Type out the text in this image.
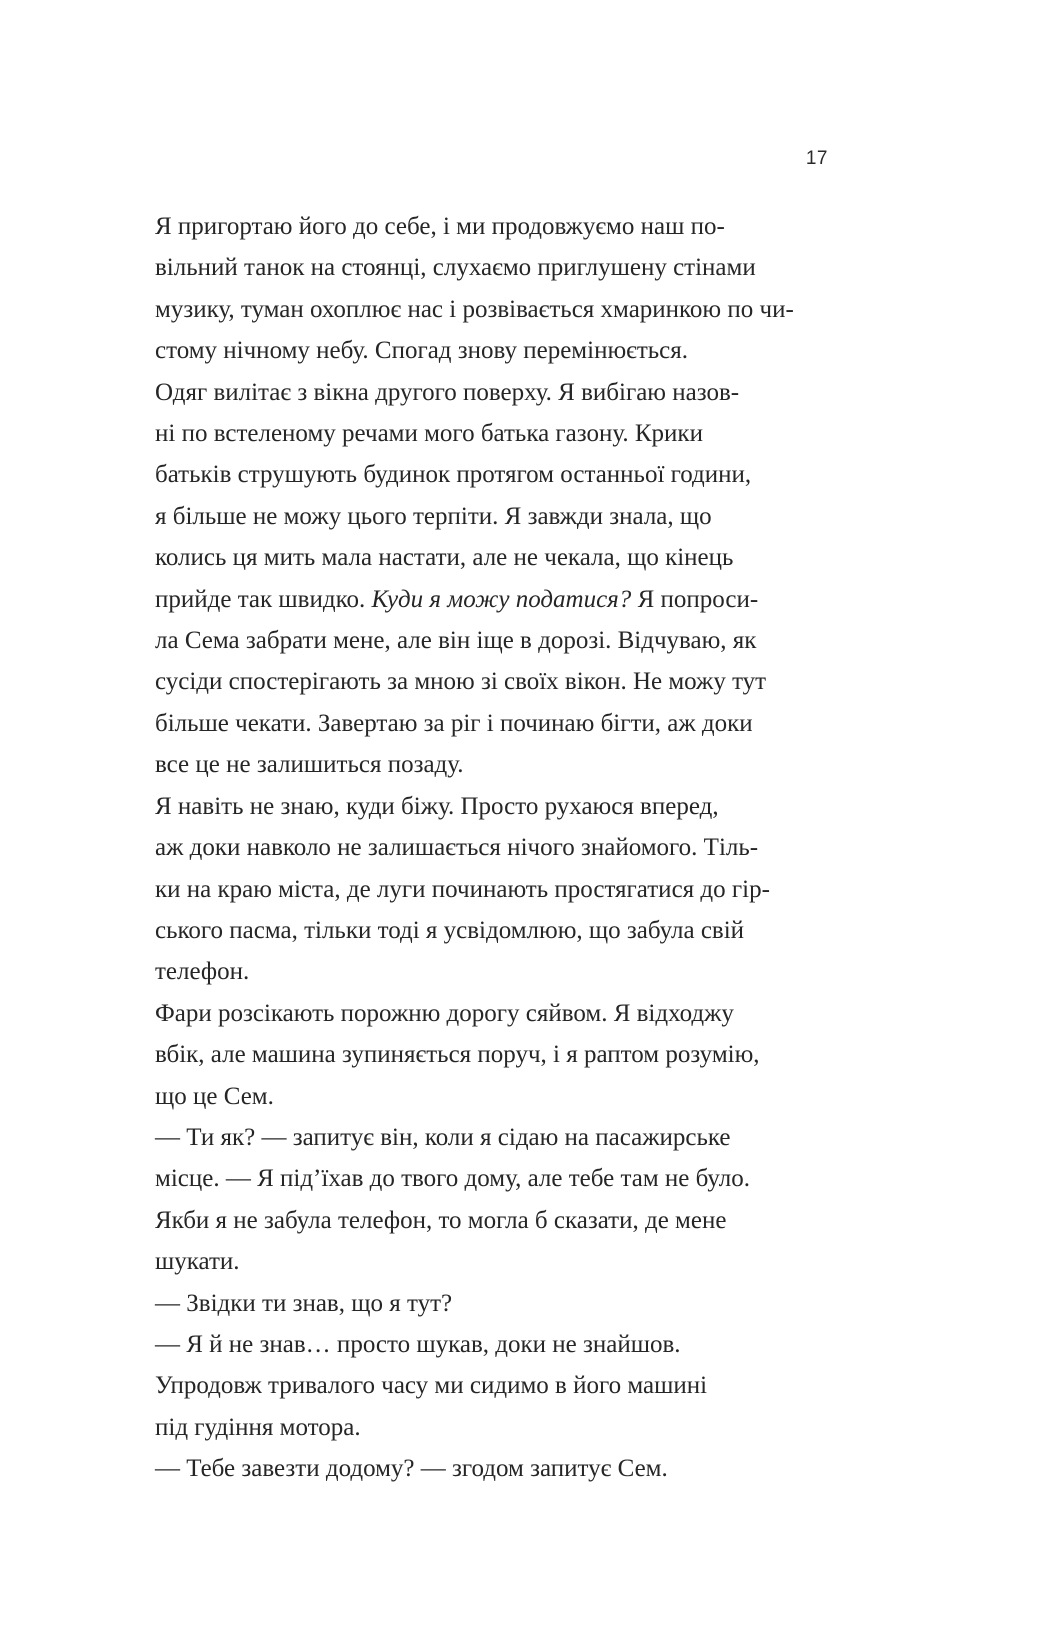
17

Я пригортаю його до себе, і ми продовжуємо наш по-
вільний танок на стоянці, слухаємо приглушену стінами
музику, туман охоплює нас і розвівається хмаринкою по чи-
стому нічному небу. Спогад знову перемінюється.

Одяг вилітає з вікна другого поверху. Я вибігаю назов-
ні по встеленому речами мого батька газону. Крики
батьків струшують будинок протягом останньої години,
я більше не можу цього терпіти. Я завжди знала, що
колись ця мить мала настати, але не чекала, що кінець
прийде так швидко. Куди я можу податися? Я попроси-
ла Сема забрати мене, але він іще в дорозі. Відчуваю, як
сусіди спостерігають за мною зі своїх вікон. Не можу тут
більше чекати. Завертаю за ріг і починаю бігти, аж доки
все це не залишиться позаду.

Я навіть не знаю, куди біжу. Просто рухаюся вперед,
аж доки навколо не залишається нічого знайомого. Тіль-
ки на краю міста, де луги починають простягатися до гір-
ського пасма, тільки тоді я усвідомлюю, що забула свій
телефон.

Фари розсікають порожню дорогу сяйвом. Я відходжу
вбік, але машина зупиняється поруч, і я раптом розумію,
що це Сем.

— Ти як? — запитує він, коли я сідаю на пасажирське
місце. — Я під’їхав до твого дому, але тебе там не було.

Якби я не забула телефон, то могла б сказати, де мене
шукати.

— Звідки ти знав, що я тут?

— Я й не знав… просто шукав, доки не знайшов.

Упродовж тривалого часу ми сидимо в його машині
під гудіння мотора.

— Тебе завезти додому? — згодом запитує Сем.
